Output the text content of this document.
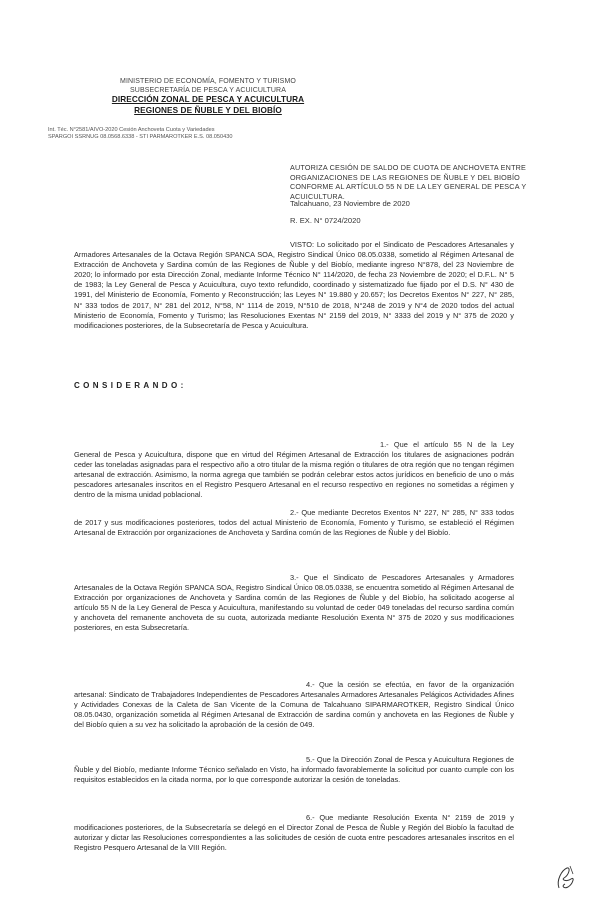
MINISTERIO DE ECONOMÍA, FOMENTO Y TURISMO
SUBSECRETARÍA DE PESCA Y ACUICULTURA
DIRECCIÓN ZONAL DE PESCA Y ACUICULTURA
REGIONES DE ÑUBLE Y DEL BIOBÍO
Int. Téc. N°2581/AIVO-2020 Cesión Anchoveta Cuota y Variedades
SPARGOI SSRNUG 08.0568.6338 - STI PARMAROTKER E.S. 08.050430
AUTORIZA CESIÓN DE SALDO DE CUOTA DE ANCHOVETA ENTRE ORGANIZACIONES DE LAS REGIONES DE ÑUBLE Y DEL BIOBÍO CONFORME AL ARTÍCULO 55 N DE LA LEY GENERAL DE PESCA Y ACUICULTURA.
Talcahuano, 23 Noviembre de 2020
R. EX. N° 0724/2020
VISTO: Lo solicitado por el Sindicato de Pescadores Artesanales y Armadores Artesanales de la Octava Región SPANCA SOA, Registro Sindical Único 08.05.0338, sometido al Régimen Artesanal de Extracción de Anchoveta y Sardina común de las Regiones de Ñuble y del Biobío, mediante ingreso N°878, del 23 Noviembre de 2020; lo informado por esta Dirección Zonal, mediante Informe Técnico N° 114/2020, de fecha 23 Noviembre de 2020; el D.F.L. N° 5 de 1983; la Ley General de Pesca y Acuicultura, cuyo texto refundido, coordinado y sistematizado fue fijado por el D.S. N° 430 de 1991, del Ministerio de Economía, Fomento y Reconstrucción; las Leyes N° 19.880 y 20.657; los Decretos Exentos N° 227, N° 285, N° 333 todos de 2017, N° 281 del 2012, N°58, N° 1114 de 2019, N°510 de 2018, N°248 de 2019 y N°4 de 2020 todos del actual Ministerio de Economía, Fomento y Turismo; las Resoluciones Exentas N° 2159 del 2019, N° 3333 del 2019 y N° 375 de 2020 y modificaciones posteriores, de la Subsecretaría de Pesca y Acuicultura.
CONSIDERANDO:
1.- Que el artículo 55 N de la Ley General de Pesca y Acuicultura, dispone que en virtud del Régimen Artesanal de Extracción los titulares de asignaciones podrán ceder las toneladas asignadas para el respectivo año a otro titular de la misma región o titulares de otra región que no tengan régimen artesanal de extracción. Asimismo, la norma agrega que también se podrán celebrar estos actos jurídicos en beneficio de uno o más pescadores artesanales inscritos en el Registro Pesquero Artesanal en el recurso respectivo en regiones no sometidas a régimen y dentro de la misma unidad poblacional.
2.- Que mediante Decretos Exentos N° 227, N° 285, N° 333 todos de 2017 y sus modificaciones posteriores, todos del actual Ministerio de Economía, Fomento y Turismo, se estableció el Régimen Artesanal de Extracción por organizaciones de Anchoveta y Sardina común de las Regiones de Ñuble y del Biobío.
3.- Que el Sindicato de Pescadores Artesanales y Armadores Artesanales de la Octava Región SPANCA SOA, Registro Sindical Único 08.05.0338, se encuentra sometido al Régimen Artesanal de Extracción por organizaciones de Anchoveta y Sardina común de las Regiones de Ñuble y del Biobío, ha solicitado acogerse al artículo 55 N de la Ley General de Pesca y Acuicultura, manifestando su voluntad de ceder 049 toneladas del recurso sardina común y anchoveta del remanente anchoveta de su cuota, autorizada mediante Resolución Exenta N° 375 de 2020 y sus modificaciones posteriores, en esta Subsecretaría.
4.- Que la cesión se efectúa, en favor de la organización artesanal: Sindicato de Trabajadores Independientes de Pescadores Artesanales Armadores Artesanales Pelágicos Actividades Afines y Actividades Conexas de la Caleta de San Vicente de la Comuna de Talcahuano SIPARMAROTKER, Registro Sindical Único 08.05.0430, organización sometida al Régimen Artesanal de Extracción de sardina común y anchoveta en las Regiones de Ñuble y del Biobío quien a su vez ha solicitado la aprobación de la cesión de 049.
5.- Que la Dirección Zonal de Pesca y Acuicultura Regiones de Ñuble y del Biobío, mediante Informe Técnico señalado en Visto, ha informado favorablemente la solicitud por cuanto cumple con los requisitos establecidos en la citada norma, por lo que corresponde autorizar la cesión de toneladas.
6.- Que mediante Resolución Exenta N° 2159 de 2019 y modificaciones posteriores, de la Subsecretaría se delegó en el Director Zonal de Pesca de Ñuble y Región del Biobío la facultad de autorizar y dictar las Resoluciones correspondientes a las solicitudes de cesión de cuota entre pescadores artesanales inscritos en el Registro Pesquero Artesanal de la VIII Región.
